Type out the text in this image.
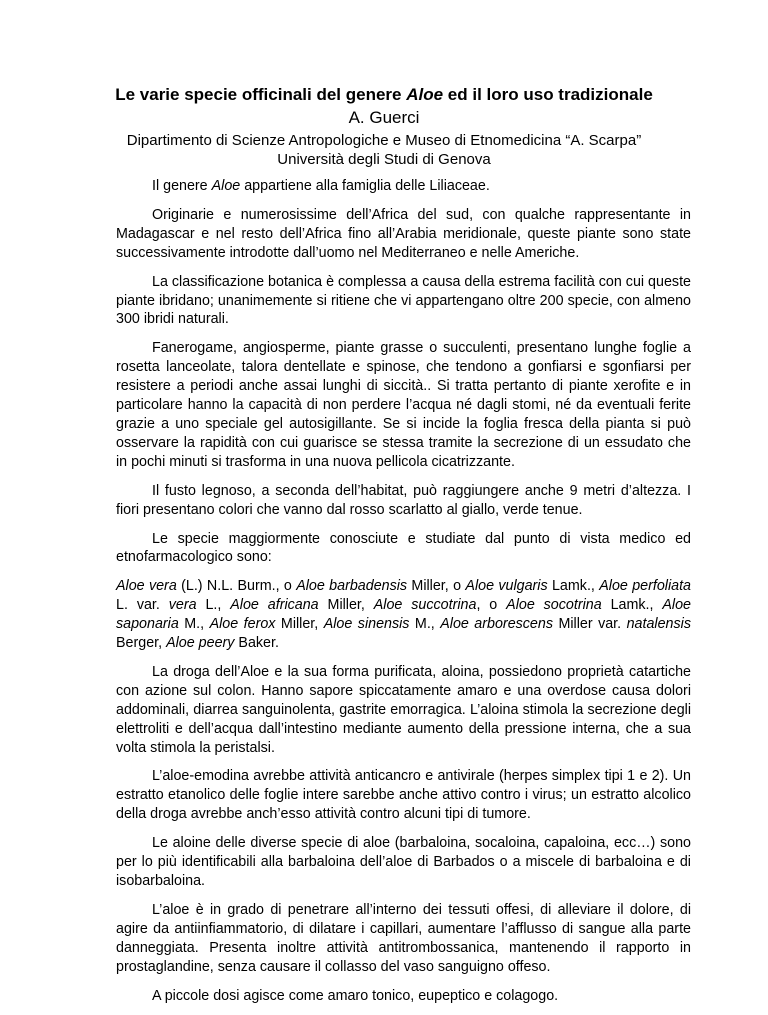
Le varie specie officinali del genere Aloe ed il loro uso tradizionale
A. Guerci
Dipartimento di Scienze Antropologiche e Museo di Etnomedicina “A. Scarpa”
Università degli Studi di Genova

Il genere Aloe appartiene alla famiglia delle Liliaceae.

Originarie e numerosissime dell’Africa del sud, con qualche rappresentante in Madagascar e nel resto dell’Africa fino all’Arabia meridionale, queste piante sono state successivamente introdotte dall’uomo nel Mediterraneo e nelle Americhe.

La classificazione botanica è complessa a causa della estrema facilità con cui queste piante ibridano; unanimemente si ritiene che vi appartengano oltre 200 specie, con almeno 300 ibridi naturali.

Fanerogame, angiosperme, piante grasse o succulenti, presentano lunghe foglie a rosetta lanceolate, talora dentellate e spinose, che tendono a gonfiarsi e sgonfiarsi per resistere a periodi anche assai lunghi di siccità.. Si tratta pertanto di piante xerofite e in particolare hanno la capacità di non perdere l’acqua né dagli stomi, né da eventuali ferite grazie a uno speciale gel autosigillante. Se si incide la foglia fresca della pianta si può osservare la rapidità con cui guarisce se stessa tramite la secrezione di un essudato che in pochi minuti si trasforma in una nuova pellicola cicatrizzante.

Il fusto legnoso, a seconda dell’habitat, può raggiungere anche 9 metri d’altezza. I fiori presentano colori che vanno dal rosso scarlatto al giallo, verde tenue.

Le specie maggiormente conosciute e studiate dal punto di vista medico ed etnofarmacologico sono:

Aloe vera (L.) N.L. Burm., o Aloe barbadensis Miller, o Aloe vulgaris Lamk., Aloe perfoliata L. var. vera L., Aloe africana Miller, Aloe succotrina, o Aloe socotrina Lamk., Aloe saponaria M., Aloe ferox Miller, Aloe sinensis M., Aloe arborescens Miller var. natalensis Berger, Aloe peery Baker.

La droga dell’Aloe e la sua forma purificata, aloina, possiedono proprietà catartiche con azione sul colon. Hanno sapore spiccatamente amaro e una overdose causa dolori addominali, diarrea sanguinolenta, gastrite emorragica. L’aloina stimola la secrezione degli elettroliti e dell’acqua dall’intestino mediante aumento della pressione interna, che a sua volta stimola la peristalsi.

L’aloe-emodina avrebbe attività anticancro e antivirale (herpes simplex tipi 1 e 2). Un estratto etanolico delle foglie intere sarebbe anche attivo contro i virus; un estratto alcolico della droga avrebbe anch’esso attività contro alcuni tipi di tumore.

Le aloine delle diverse specie di aloe (barbaloina, socaloina, capaloina, ecc…) sono per lo più identificabili alla barbaloina dell’aloe di Barbados o a miscele di barbaloina e di isobarbaloina.

L’aloe è in grado di penetrare all’interno dei tessuti offesi, di alleviare il dolore, di agire da antiinfiammatorio, di dilatare i capillari, aumentare l’afflusso di sangue alla parte danneggiata. Presenta inoltre attività antitrombossanica, mantenendo il rapporto in prostaglandine, senza causare il collasso del vaso sanguigno offeso.

A piccole dosi agisce come amaro tonico, eupeptico e colagogo.
